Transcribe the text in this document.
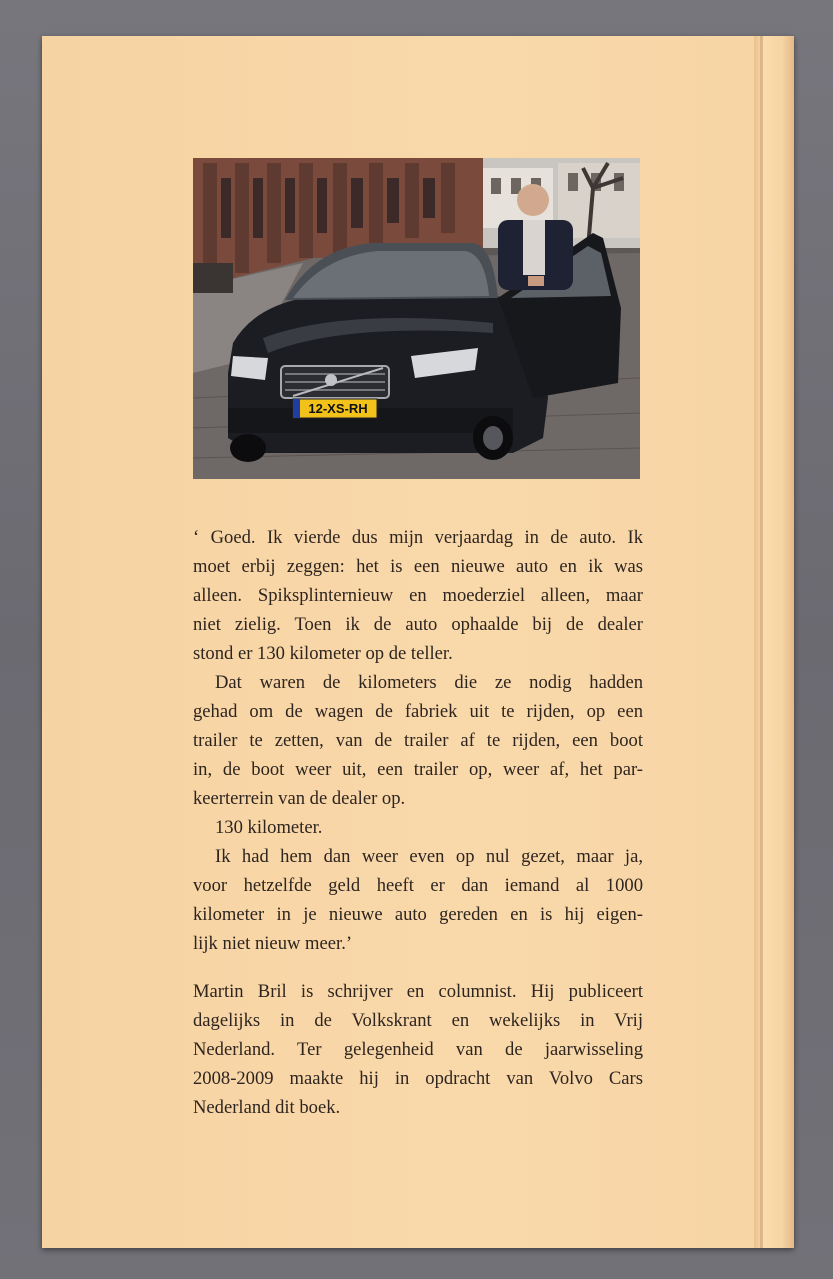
12-XS-RH

‘ Goed. Ik vierde dus mijn verjaardag in de auto. Ik
moet erbij zeggen: het is een nieuwe auto en ik was
alleen. Spiksplinternieuw en moederziel alleen, maar
niet zielig. Toen ik de auto ophaalde bij de dealer
stond er 130 kilometer op de teller.

Dat waren de kilometers die ze nodig hadden
gehad om de wagen de fabriek uit te rijden, op een
trailer te zetten, van de trailer af te rijden, een boot
in, de boot weer uit, een trailer op, weer af, het par-
keerterrein van de dealer op.

130 kilometer.

Ik had hem dan weer even op nul gezet, maar ja,
voor hetzelfde geld heeft er dan iemand al 1000
kilometer in je nieuwe auto gereden en is hij eigen-
lijk niet nieuw meer.’

Martin Bril is schrijver en columnist. Hij publiceert
dagelijks in de Volkskrant en wekelijks in Vrij
Nederland. Ter gelegenheid van de jaarwisseling
2008-2009 maakte hij in opdracht van Volvo Cars
Nederland dit boek.
